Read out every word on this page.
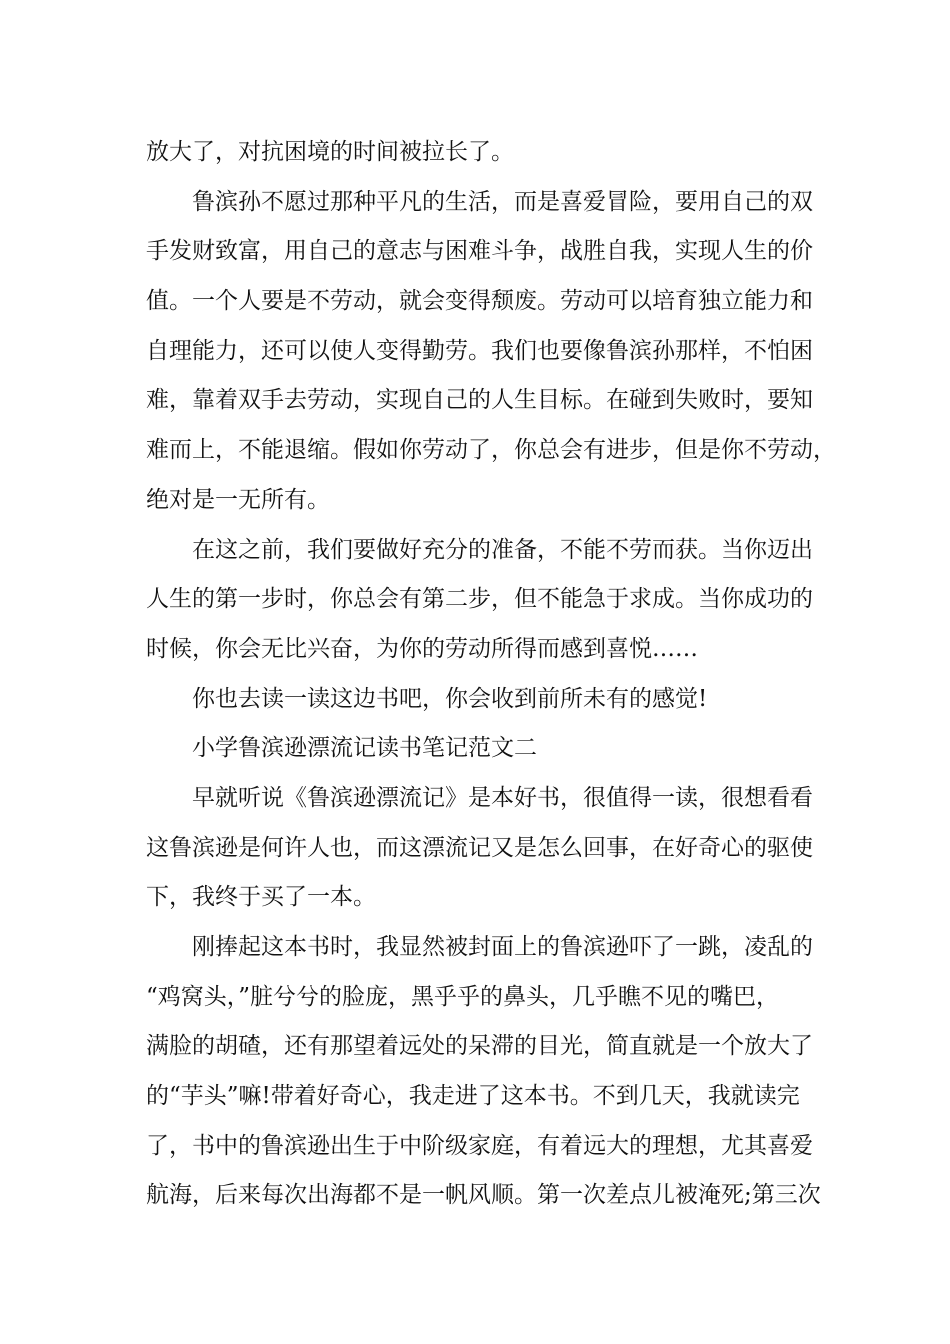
放大了，对抗困境的时间被拉长了。
鲁滨孙不愿过那种平凡的生活，而是喜爱冒险，要用自己的双
手发财致富，用自己的意志与困难斗争，战胜自我，实现人生的价
值。一个人要是不劳动，就会变得颓废。劳动可以培育独立能力和
自理能力，还可以使人变得勤劳。我们也要像鲁滨孙那样，不怕困
难，靠着双手去劳动，实现自己的人生目标。在碰到失败时，要知
难而上，不能退缩。假如你劳动了，你总会有进步，但是你不劳动，
绝对是一无所有。
在这之前，我们要做好充分的准备，不能不劳而获。当你迈出
人生的第一步时，你总会有第二步，但不能急于求成。当你成功的
时候，你会无比兴奋，为你的劳动所得而感到喜悦……
你也去读一读这边书吧，你会收到前所未有的感觉!
小学鲁滨逊漂流记读书笔记范文二
早就听说《鲁滨逊漂流记》是本好书，很值得一读，很想看看
这鲁滨逊是何许人也，而这漂流记又是怎么回事，在好奇心的驱使
下，我终于买了一本。
刚捧起这本书时，我显然被封面上的鲁滨逊吓了一跳，凌乱的
“鸡窝头，”脏兮兮的脸庞，黑乎乎的鼻头，几乎瞧不见的嘴巴，
满脸的胡碴，还有那望着远处的呆滞的目光，简直就是一个放大了
的“芋头”嘛!带着好奇心，我走进了这本书。不到几天，我就读完
了，书中的鲁滨逊出生于中阶级家庭，有着远大的理想，尤其喜爱
航海，后来每次出海都不是一帆风顺。第一次差点儿被淹死;第三次
